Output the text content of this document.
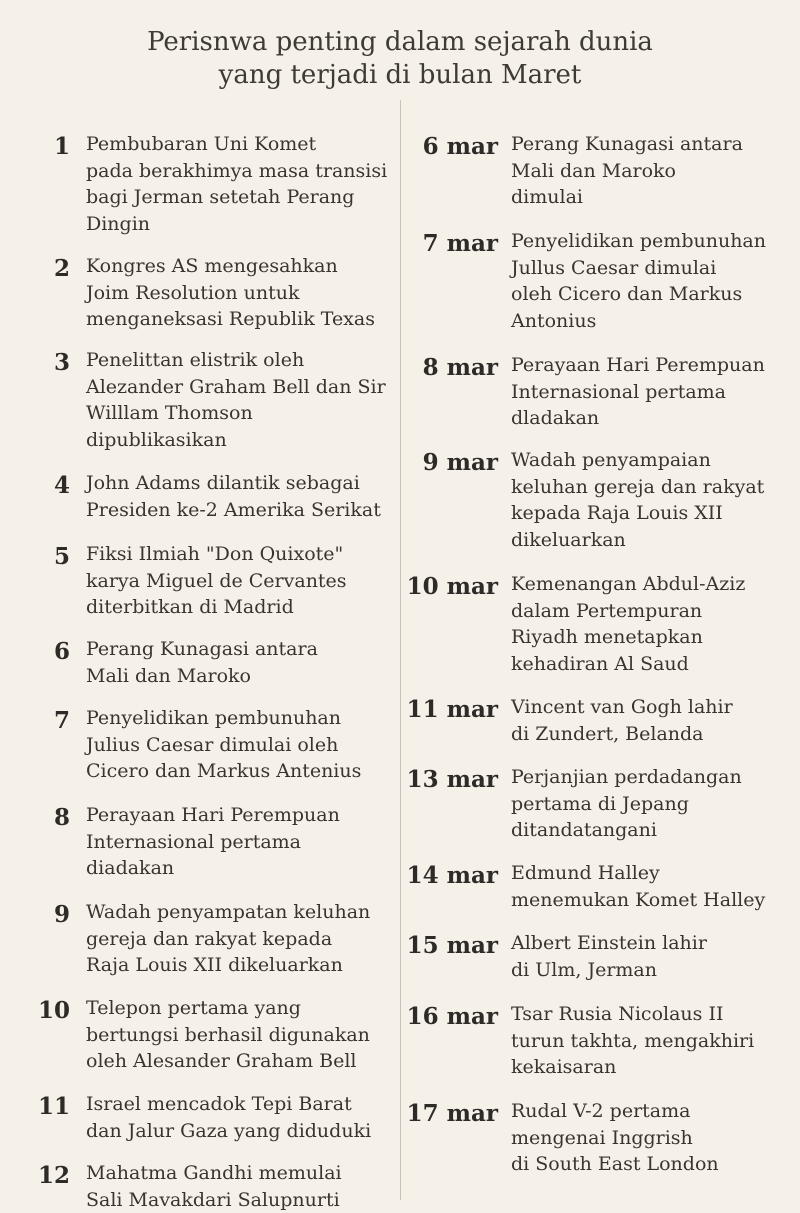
Perisnwa penting dalam sejarah dunia
yang terjadi di bulan Maret
1 Pembubaran Uni Komet
pada berakhimya masa transisi
bagi Jerman setetah Perang
Dingin
2 Kongres AS mengesahkan
Joim Resolution untuk
menganeksasi Republik Texas
3 Penelittan elistrik oleh
Alezander Graham Bell dan Sir
Willlam Thomson
dipublikasikan
4 John Adams dilantik sebagai
Presiden ke-2 Amerika Serikat
5 Fiksi Ilmiah "Don Quixote"
karya Miguel de Cervantes
diterbitkan di Madrid
6 Perang Kunagasi antara
Mali dan Maroko
7 Penyelidikan pembunuhan
Julius Caesar dimulai oleh
Cicero dan Markus Antenius
8 Perayaan Hari Perempuan
Internasional pertama
diadakan
9 Wadah penyampatan keluhan
gereja dan rakyat kepada
Raja Louis XII dikeluarkan
10 Telepon pertama yang
bertungsi berhasil digunakan
oleh Alesander Graham Bell
11 Israel mencadok Tepi Barat
dan Jalur Gaza yang diduduki
12 Mahatma Gandhi memulai
Sali Mavakdari Salupnurti
6 mar Perang Kunagasi antara
Mali dan Maroko
dimulai
7 mar Penyelidikan pembunuhan
Jullus Caesar dimulai
oleh Cicero dan Markus
Antonius
8 mar Perayaan Hari Perempuan
Internasional pertama
dladakan
9 mar Wadah penyampaian
keluhan gereja dan rakyat
kepada Raja Louis XII
dikeluarkan
10 mar Kemenangan Abdul-Aziz
dalam Pertempuran
Riyadh menetapkan
kehadiran Al Saud
11 mar Vincent van Gogh lahir
di Zundert, Belanda
13 mar Perjanjian perdadangan
pertama di Jepang
ditandatangani
14 mar Edmund Halley
menemukan Komet Halley
15 mar Albert Einstein lahir
di Ulm, Jerman
16 mar Tsar Rusia Nicolaus II
turun takhta, mengakhiri
kekaisaran
17 mar Rudal V-2 pertama
mengenai Inggrish
di South East London
